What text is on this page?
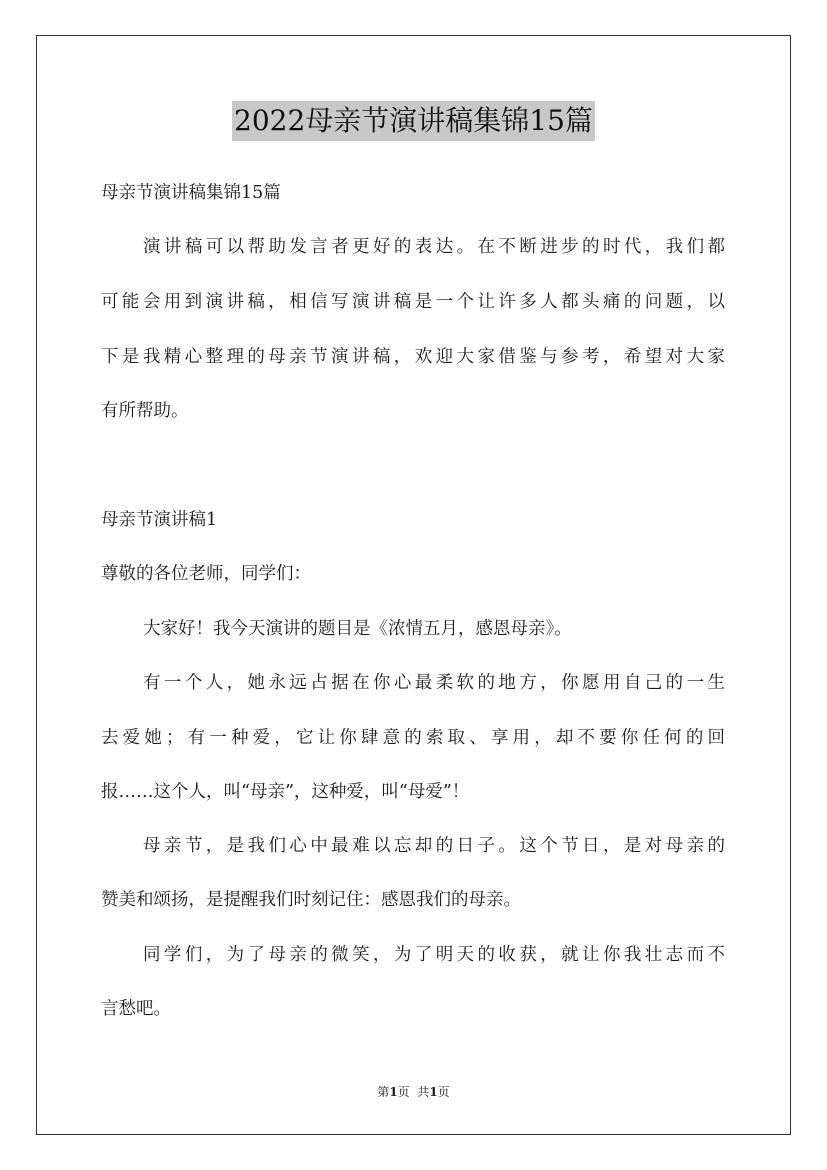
2022母亲节演讲稿集锦15篇
母亲节演讲稿集锦15篇
演讲稿可以帮助发言者更好的表达。在不断进步的时代，我们都
可能会用到演讲稿，相信写演讲稿是一个让许多人都头痛的问题，以
下是我精心整理的母亲节演讲稿，欢迎大家借鉴与参考，希望对大家
有所帮助。
母亲节演讲稿1
尊敬的各位老师，同学们：
大家好！我今天演讲的题目是《浓情五月，感恩母亲》。
有一个人，她永远占据在你心最柔软的地方，你愿用自己的一生
去爱她；有一种爱，它让你肆意的索取、享用，却不要你任何的回
报……这个人，叫“母亲”，这种爱，叫“母爱”！
母亲节，是我们心中最难以忘却的日子。这个节日，是对母亲的
赞美和颂扬，是提醒我们时刻记住：感恩我们的母亲。
同学们，为了母亲的微笑，为了明天的收获，就让你我壮志而不
言愁吧。
第1页  共1页
